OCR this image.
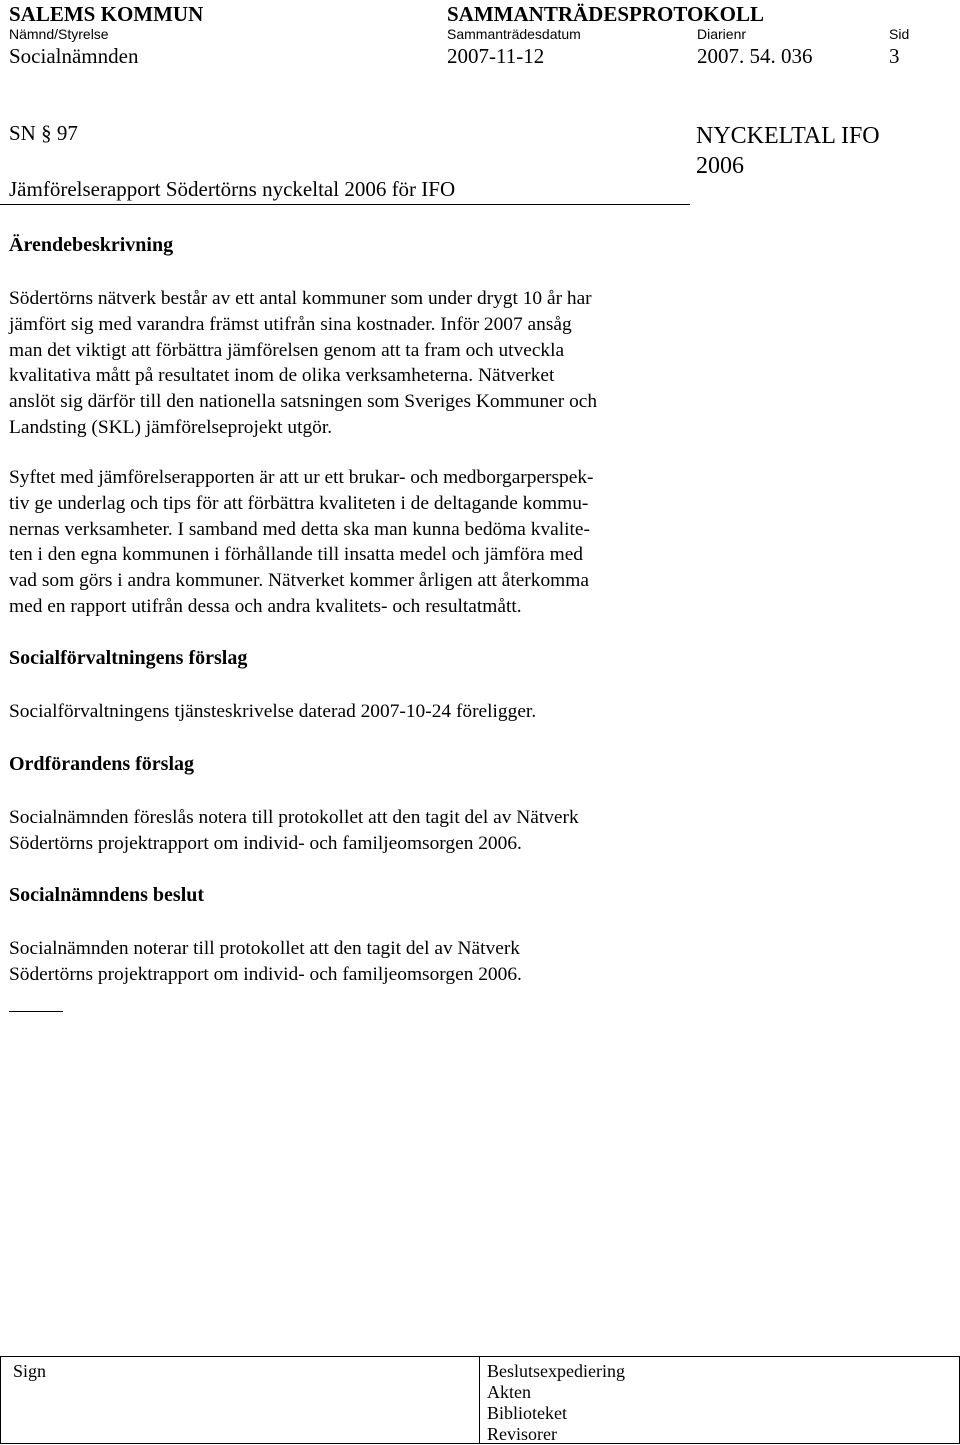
SALEMS KOMMUN	SAMMANTRÄDESPROTOKOLL
Nämnd/Styrelse	Sammanträdesdatum	Diarienr	Sid
Socialnämnden	2007-11-12	2007. 54. 036	3
SN § 97	NYCKELTAL IFO
2006
Jämförelserapport Södertörns nyckeltal 2006 för IFO
Ärendebeskrivning
Södertörns nätverk består av ett antal kommuner som under drygt 10 år har
jämfört sig med varandra främst utifrån sina kostnader. Inför 2007 ansåg
man det viktigt att förbättra jämförelsen genom att ta fram och utveckla
kvalitativa mått på resultatet inom de olika verksamheterna. Nätverket
anslöt sig därför till den nationella satsningen som Sveriges Kommuner och
Landsting (SKL) jämförelseprojekt utgör.
Syftet med jämförelserapporten är att ur ett brukar- och medborgarperspek-
tiv ge underlag och tips för att förbättra kvaliteten i de deltagande kommu-
nernas verksamheter. I samband med detta ska man kunna bedöma kvalite-
ten i den egna kommunen i förhållande till insatta medel och jämföra med
vad som görs i andra kommuner. Nätverket kommer årligen att återkomma
med en rapport utifrån dessa och andra kvalitets- och resultatmått.
Socialförvaltningens förslag
Socialförvaltningens tjänsteskrivelse daterad 2007-10-24 föreligger.
Ordförandens förslag
Socialnämnden föreslås notera till protokollet att den tagit del av Nätverk
Södertörns projektrapport om individ- och familjeomsorgen 2006.
Socialnämndens beslut
Socialnämnden noterar till protokollet att den tagit del av Nätverk
Södertörns projektrapport om individ- och familjeomsorgen 2006.
Sign	Beslutsexpediering
Akten
Biblioteket
Revisorer
